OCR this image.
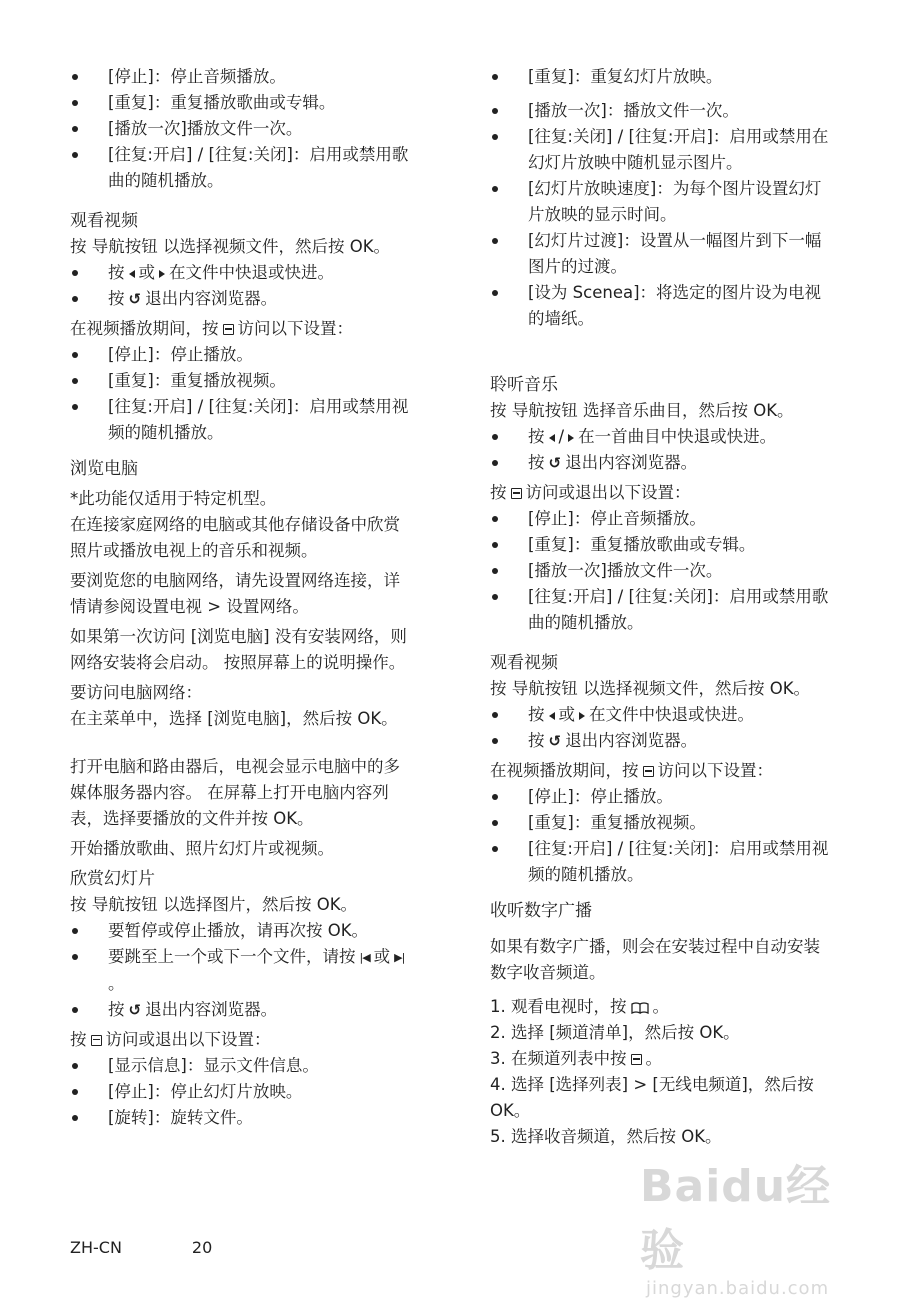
[停止]：停止音频播放。
[重复]：重复播放歌曲或专辑。
[播放一次]播放文件一次。
[往复:开启] / [往复:关闭]：启用或禁用歌曲的随机播放。
观看视频
按 导航按钮 以选择视频文件，然后按 OK。
按 或 在文件中快退或快进。
按 ↺ 退出内容浏览器。
在视频播放期间，按 访问以下设置：
[停止]：停止播放。
[重复]：重复播放视频。
[往复:开启] / [往复:关闭]：启用或禁用视频的随机播放。
浏览电脑
*此功能仅适用于特定机型。
在连接家庭网络的电脑或其他存储设备中欣赏照片或播放电视上的音乐和视频。
要浏览您的电脑网络，请先设置网络连接，详情请参阅设置电视 > 设置网络。
如果第一次访问 [浏览电脑] 没有安装网络，则网络安装将会启动。 按照屏幕上的说明操作。
要访问电脑网络：
在主菜单中，选择 [浏览电脑]，然后按 OK。
打开电脑和路由器后，电视会显示电脑中的多媒体服务器内容。 在屏幕上打开电脑内容列表，选择要播放的文件并按 OK。
开始播放歌曲、照片幻灯片或视频。
欣赏幻灯片
按 导航按钮 以选择图片，然后按 OK。
要暂停或停止播放，请再次按 OK。
要跳至上一个或下一个文件，请按 |◀ 或 ▶|。
按 ↺ 退出内容浏览器。
按 访问或退出以下设置：
[显示信息]：显示文件信息。
[停止]：停止幻灯片放映。
[旋转]：旋转文件。
[重复]：重复幻灯片放映。
[播放一次]：播放文件一次。
[往复:关闭] / [往复:开启]：启用或禁用在幻灯片放映中随机显示图片。
[幻灯片放映速度]：为每个图片设置幻灯片放映的显示时间。
[幻灯片过渡]：设置从一幅图片到下一幅图片的过渡。
[设为 Scenea]：将选定的图片设为电视的墙纸。
聆听音乐
按 导航按钮 选择音乐曲目，然后按 OK。
按 / 在一首曲目中快退或快进。
按 ↺ 退出内容浏览器。
按 访问或退出以下设置：
[停止]：停止音频播放。
[重复]：重复播放歌曲或专辑。
[播放一次]播放文件一次。
[往复:开启] / [往复:关闭]：启用或禁用歌曲的随机播放。
观看视频
按 导航按钮 以选择视频文件，然后按 OK。
按 或 在文件中快退或快进。
按 ↺ 退出内容浏览器。
在视频播放期间，按 访问以下设置：
[停止]：停止播放。
[重复]：重复播放视频。
[往复:开启] / [往复:关闭]：启用或禁用视频的随机播放。
收听数字广播
如果有数字广播，则会在安装过程中自动安装数字收音频道。
1. 观看电视时，按 。
2. 选择 [频道清单]，然后按 OK。
3. 在频道列表中按 。
4. 选择 [选择列表] > [无线电频道]，然后按 OK。
5. 选择收音频道，然后按 OK。
ZH-CN	20
Baidu经验
jingyan.baidu.com
